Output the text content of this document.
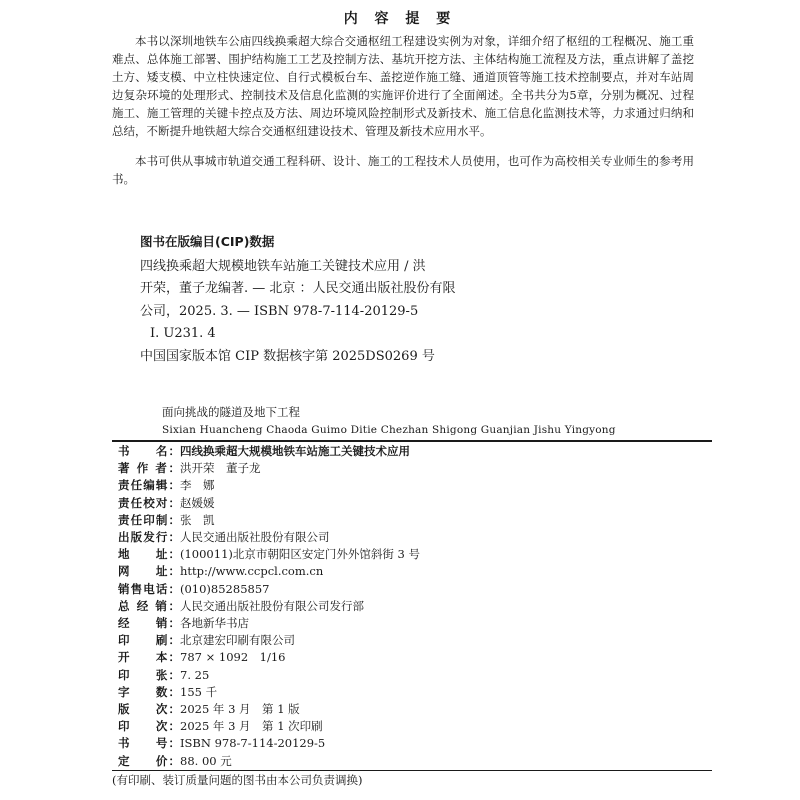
内 容 提 要

本书以深圳地铁车公庙四线换乘超大综合交通枢纽工程建设实例为对象，详细介绍了枢纽的工程概况、施工重难点、总体施工部署、围护结构施工工艺及控制方法、基坑开挖方法、主体结构施工流程及方法，重点讲解了盖挖土方、矮支模、中立柱快速定位、自行式模板台车、盖挖逆作施工缝、通道顶管等施工技术控制要点，并对车站周边复杂环境的处理形式、控制技术及信息化监测的实施评价进行了全面阐述。全书共分为5章，分别为概况、过程施工、施工管理的关键卡控点及方法、周边环境风险控制形式及新技术、施工信息化监测技术等，力求通过归纳和总结，不断提升地铁超大综合交通枢纽建设技术、管理及新技术应用水平。

本书可供从事城市轨道交通工程科研、设计、施工的工程技术人员使用，也可作为高校相关专业师生的参考用书。

图书在版编目(CIP)数据
四线换乘超大规模地铁车站施工关键技术应用 / 洪
开荣，董子龙编著. — 北京 ：人民交通出版社股份有限
公司，2025. 3. — ISBN 978-7-114-20129-5
Ⅰ. U231. 4
中国国家版本馆 CIP 数据核字第 2025DS0269 号
面向挑战的隧道及地下工程
Sixian Huancheng Chaoda Guimo Ditie Chezhan Shigong Guanjian Jishu Yingyong
书　　名： 四线换乘超大规模地铁车站施工关键技术应用
著 作 者： 洪开荣　董子龙
责任编辑： 李　娜
责任校对： 赵媛媛
责任印制： 张　凯
出版发行： 人民交通出版社股份有限公司
地　　址： (100011)北京市朝阳区安定门外外馆斜街 3 号
网　　址： http://www.ccpcl.com.cn
销售电话： (010)85285857
总 经 销： 人民交通出版社股份有限公司发行部
经　　销： 各地新华书店
印　　刷： 北京建宏印刷有限公司
开　　本： 787 × 1092　1/16
印　　张： 7. 25
字　　数： 155 千
版　　次： 2025 年 3 月　第 1 版
印　　次： 2025 年 3 月　第 1 次印刷
书　　号： ISBN 978-7-114-20129-5
定　　价： 88. 00 元
(有印刷、装订质量问题的图书由本公司负责调换)
